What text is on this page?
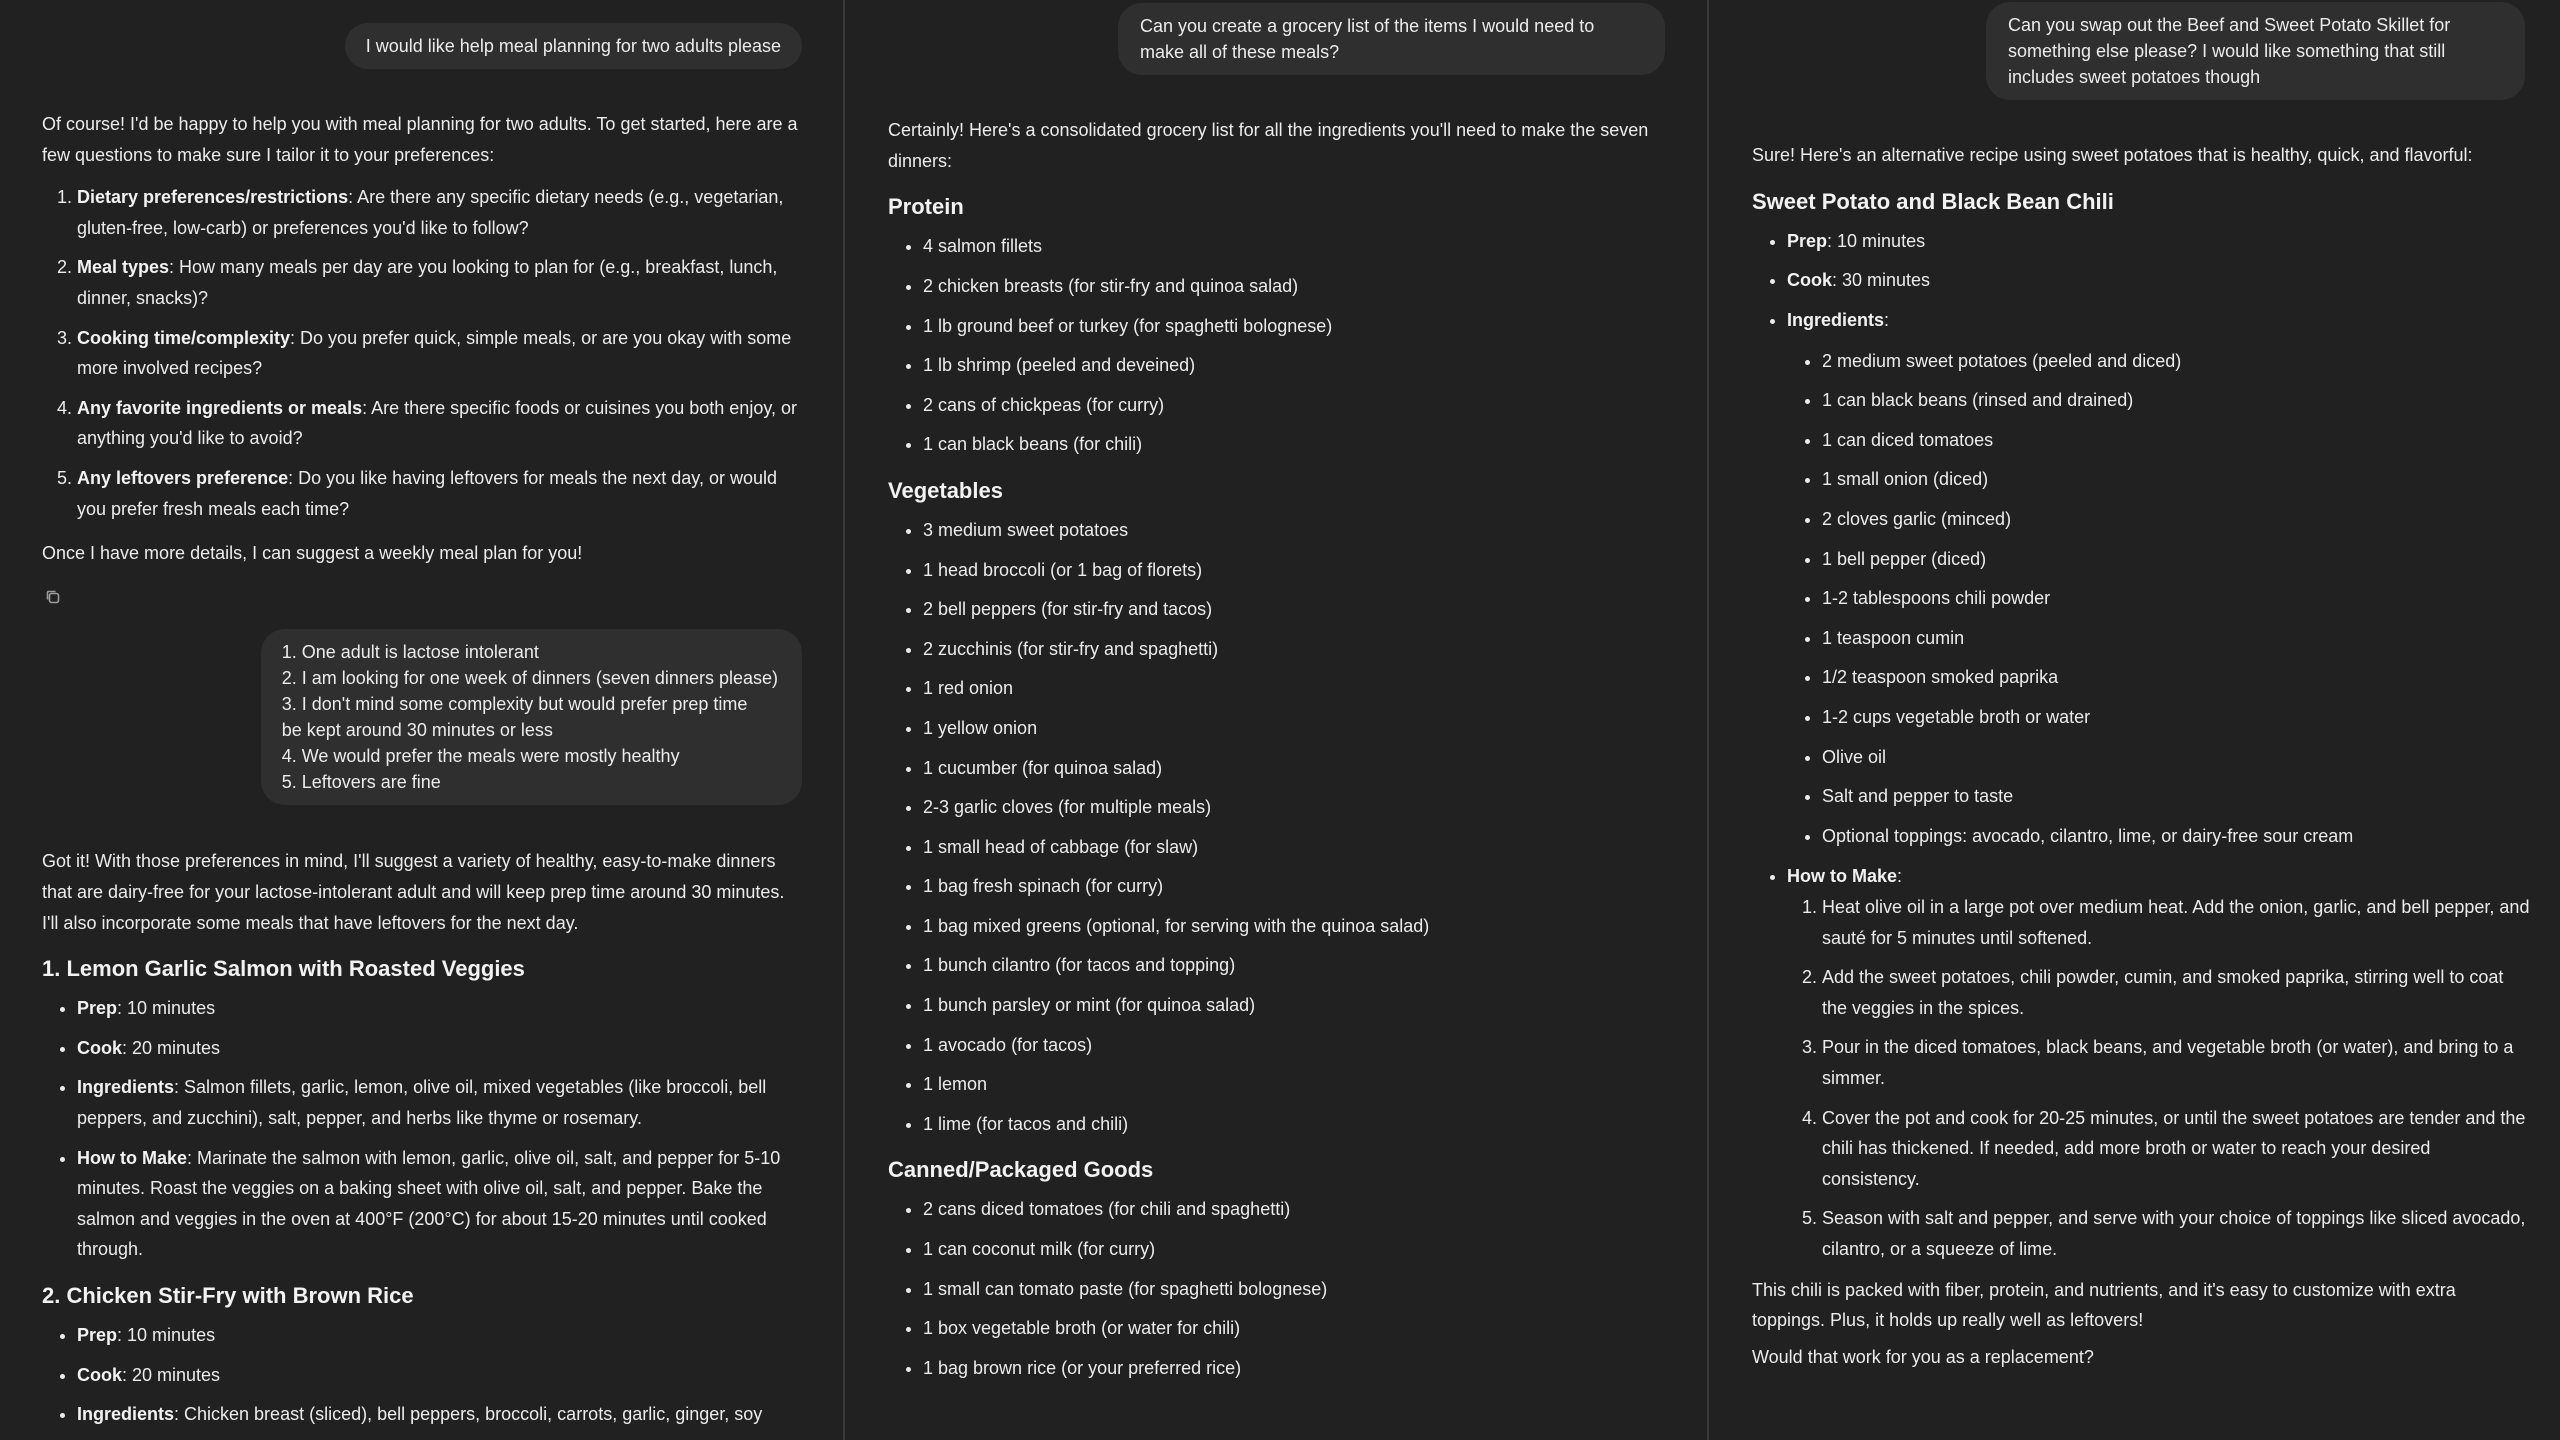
I would like help meal planning for two adults please

Of course! I'd be happy to help you with meal planning for two adults. To get started, here are a few questions to make sure I tailor it to your preferences:

1. Dietary preferences/restrictions: Are there any specific dietary needs (e.g., vegetarian, gluten-free, low-carb) or preferences you'd like to follow?
2. Meal types: How many meals per day are you looking to plan for (e.g., breakfast, lunch, dinner, snacks)?
3. Cooking time/complexity: Do you prefer quick, simple meals, or are you okay with some more involved recipes?
4. Any favorite ingredients or meals: Are there specific foods or cuisines you both enjoy, or anything you'd like to avoid?
5. Any leftovers preference: Do you like having leftovers for meals the next day, or would you prefer fresh meals each time?

Once I have more details, I can suggest a weekly meal plan for you!

1. One adult is lactose intolerant
2. I am looking for one week of dinners (seven dinners please)
3. I don't mind some complexity but would prefer prep time
be kept around 30 minutes or less
4. We would prefer the meals were mostly healthy
5. Leftovers are fine

Got it! With those preferences in mind, I'll suggest a variety of healthy, easy-to-make dinners that are dairy-free for your lactose-intolerant adult and will keep prep time around 30 minutes. I'll also incorporate some meals that have leftovers for the next day.

1. Lemon Garlic Salmon with Roasted Veggies
• Prep: 10 minutes
• Cook: 20 minutes
• Ingredients: Salmon fillets, garlic, lemon, olive oil, mixed vegetables (like broccoli, bell peppers, and zucchini), salt, pepper, and herbs like thyme or rosemary.
• How to Make: Marinate the salmon with lemon, garlic, olive oil, salt, and pepper for 5-10 minutes. Roast the veggies on a baking sheet with olive oil, salt, and pepper. Bake the salmon and veggies in the oven at 400°F (200°C) for about 15-20 minutes until cooked through.
2. Chicken Stir-Fry with Brown Rice
• Prep: 10 minutes
• Cook: 20 minutes
• Ingredients: Chicken breast (sliced), bell peppers, broccoli, carrots, garlic, ginger, soy
Can you create a grocery list of the items I would need to
make all of these meals?

Certainly! Here's a consolidated grocery list for all the ingredients you'll need to make the seven dinners:

Protein
• 4 salmon fillets
• 2 chicken breasts (for stir-fry and quinoa salad)
• 1 lb ground beef or turkey (for spaghetti bolognese)
• 1 lb shrimp (peeled and deveined)
• 2 cans of chickpeas (for curry)
• 1 can black beans (for chili)
Vegetables
• 3 medium sweet potatoes
• 1 head broccoli (or 1 bag of florets)
• 2 bell peppers (for stir-fry and tacos)
• 2 zucchinis (for stir-fry and spaghetti)
• 1 red onion
• 1 yellow onion
• 1 cucumber (for quinoa salad)
• 2-3 garlic cloves (for multiple meals)
• 1 small head of cabbage (for slaw)
• 1 bag fresh spinach (for curry)
• 1 bag mixed greens (optional, for serving with the quinoa salad)
• 1 bunch cilantro (for tacos and topping)
• 1 bunch parsley or mint (for quinoa salad)
• 1 avocado (for tacos)
• 1 lemon
• 1 lime (for tacos and chili)
Canned/Packaged Goods
• 2 cans diced tomatoes (for chili and spaghetti)
• 1 can coconut milk (for curry)
• 1 small can tomato paste (for spaghetti bolognese)
• 1 box vegetable broth (or water for chili)
• 1 bag brown rice (or your preferred rice)
Can you swap out the Beef and Sweet Potato Skillet for
something else please? I would like something that still
includes sweet potatoes though

Sure! Here's an alternative recipe using sweet potatoes that is healthy, quick, and flavorful:

Sweet Potato and Black Bean Chili
• Prep: 10 minutes
• Cook: 30 minutes
• Ingredients:
• 2 medium sweet potatoes (peeled and diced)
• 1 can black beans (rinsed and drained)
• 1 can diced tomatoes
• 1 small onion (diced)
• 2 cloves garlic (minced)
• 1 bell pepper (diced)
• 1-2 tablespoons chili powder
• 1 teaspoon cumin
• 1/2 teaspoon smoked paprika
• 1-2 cups vegetable broth or water
• Olive oil
• Salt and pepper to taste
• Optional toppings: avocado, cilantro, lime, or dairy-free sour cream
• How to Make:
1. Heat olive oil in a large pot over medium heat. Add the onion, garlic, and bell pepper, and sauté for 5 minutes until softened.
2. Add the sweet potatoes, chili powder, cumin, and smoked paprika, stirring well to coat the veggies in the spices.
3. Pour in the diced tomatoes, black beans, and vegetable broth (or water), and bring to a simmer.
4. Cover the pot and cook for 20-25 minutes, or until the sweet potatoes are tender and the chili has thickened. If needed, add more broth or water to reach your desired consistency.
5. Season with salt and pepper, and serve with your choice of toppings like sliced avocado, cilantro, or a squeeze of lime.

This chili is packed with fiber, protein, and nutrients, and it's easy to customize with extra toppings. Plus, it holds up really well as leftovers!

Would that work for you as a replacement?
